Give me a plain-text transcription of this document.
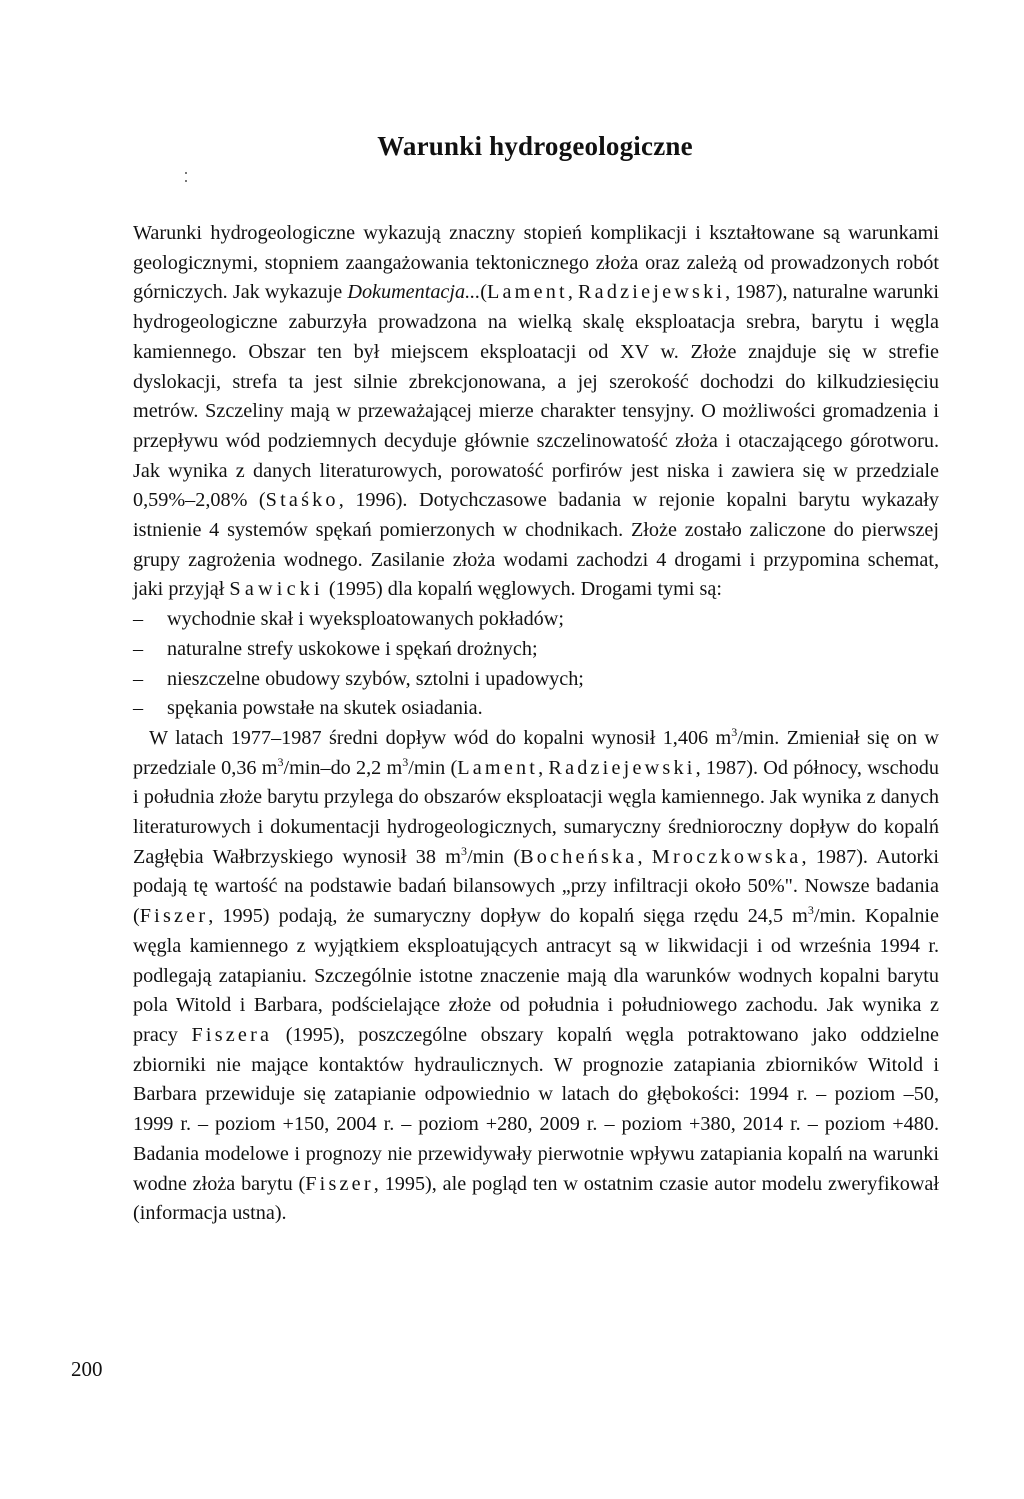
Warunki hydrogeologiczne

Warunki hydrogeologiczne wykazują znaczny stopień komplikacji i kształtowane są warunkami geologicznymi, stopniem zaangażowania tektonicznego złoża oraz zależą od prowadzonych robót górniczych. Jak wykazuje Dokumentacja...(Lament, Radziejewski, 1987), naturalne warunki hydrogeologiczne zaburzyła prowadzona na wielką skalę eksploatacja srebra, barytu i węgla kamiennego. Obszar ten był miejscem eksploatacji od XV w. Złoże znajduje się w strefie dyslokacji, strefa ta jest silnie zbrekcjonowana, a jej szerokość dochodzi do kilkudziesięciu metrów. Szczeliny mają w przeważającej mierze charakter tensyjny. O możliwości gromadzenia i przepływu wód podziemnych decyduje głównie szczelinowatość złoża i otaczającego górotworu. Jak wynika z danych literaturowych, porowatość porfirów jest niska i zawiera się w przedziale 0,59%–2,08% (Staśko, 1996). Dotychczasowe badania w rejonie kopalni barytu wykazały istnienie 4 systemów spękań pomierzonych w chodnikach. Złoże zostało zaliczone do pierwszej grupy zagrożenia wodnego. Zasilanie złoża wodami zachodzi 4 drogami i przypomina schemat, jaki przyjął Sawicki (1995) dla kopalń węglowych. Drogami tymi są:

– wychodnie skał i wyeksploatowanych pokładów;
– naturalne strefy uskokowe i spękań drożnych;
– nieszczelne obudowy szybów, sztolni i upadowych;
– spękania powstałe na skutek osiadania.

W latach 1977–1987 średni dopływ wód do kopalni wynosił 1,406 $m^3/\min$. Zmieniał się on w przedziale 0,36 $m^3/\min-do$ 2,2 $m^3/\min$ (Lament, Radziejewski, 1987). Od północy, wschodu i południa złoże barytu przylega do obszarów eksploatacji węgla kamiennego. Jak wynika z danych literaturowych i dokumentacji hydrogeologicznych, sumaryczny średnioroczny dopływ do kopalń Zagłębia Wałbrzyskiego wynosił 38 $m^3/\min$ (Bocheńska, Mroczkowska, 1987). Autorki podają tę wartość na podstawie badań bilansowych „przy infiltracji około 50%". Nowsze badania (Fiszer, 1995) podają, że sumaryczny dopływ do kopalń sięga rzędu 24,5 $m^3/\min$. Kopalnie węgla kamiennego z wyjątkiem eksploatujących antracyt są w likwidacji i od września 1994 r. podlegają zatapianiu. Szczególnie istotne znaczenie mają dla warunków wodnych kopalni barytu pola Witold i Barbara, podścielające złoże od południa i południowego zachodu. Jak wynika z pracy Fiszera (1995), poszczególne obszary kopalń węgla potraktowano jako oddzielne zbiorniki nie mające kontaktów hydraulicznych. W prognozie zatapiania zbiorników Witold i Barbara przewiduje się zatapianie odpowiednio w latach do głębokości: 1994 r. – poziom –50, 1999 r. – poziom +150, 2004 r. – poziom +280, 2009 r. – poziom +380, 2014 r. – poziom +480. Badania modelowe i prognozy nie przewidywały pierwotnie wpływu zatapiania kopalń na warunki wodne złoża barytu (Fiszer, 1995), ale pogląd ten w ostatnim czasie autor modelu zweryfikował (informacja ustna).

200
